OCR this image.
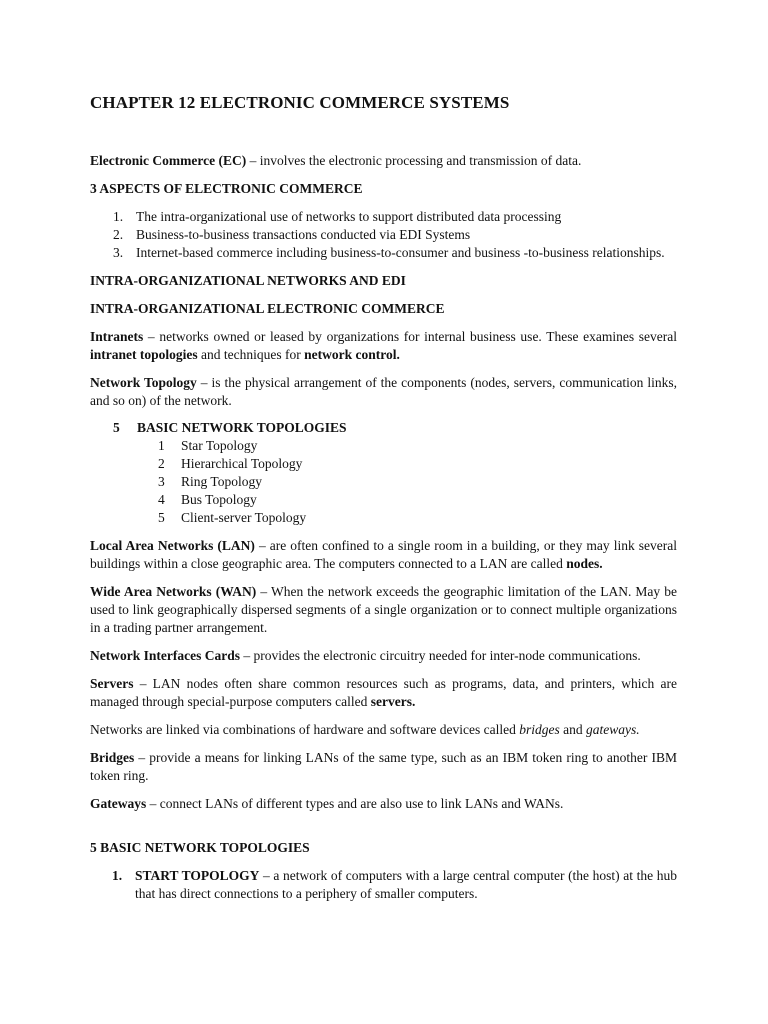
CHAPTER 12 ELECTRONIC COMMERCE SYSTEMS

Electronic Commerce (EC) – involves the electronic processing and transmission of data.

3 ASPECTS OF ELECTRONIC COMMERCE
1. The intra-organizational use of networks to support distributed data processing
2. Business-to-business transactions conducted via EDI Systems
3. Internet-based commerce including business-to-consumer and business -to-business relationships.
INTRA-ORGANIZATIONAL NETWORKS AND EDI
INTRA-ORGANIZATIONAL ELECTRONIC COMMERCE

Intranets – networks owned or leased by organizations for internal business use. These examines several intranet topologies and techniques for network control.

Network Topology – is the physical arrangement of the components (nodes, servers, communication links, and so on) of the network.

5	BASIC NETWORK TOPOLOGIES
1	Star Topology
2	Hierarchical Topology
3	Ring Topology
4	Bus Topology
5	Client-server Topology

Local Area Networks (LAN) – are often confined to a single room in a building, or they may link several buildings within a close geographic area. The computers connected to a LAN are called nodes.

Wide Area Networks (WAN) – When the network exceeds the geographic limitation of the LAN. May be used to link geographically dispersed segments of a single organization or to connect multiple organizations in a trading partner arrangement.

Network Interfaces Cards – provides the electronic circuitry needed for inter-node communications.

Servers – LAN nodes often share common resources such as programs, data, and printers, which are managed through special-purpose computers called servers.

Networks are linked via combinations of hardware and software devices called bridges and gateways.

Bridges – provide a means for linking LANs of the same type, such as an IBM token ring to another IBM token ring.

Gateways – connect LANs of different types and are also use to link LANs and WANs.

5 BASIC NETWORK TOPOLOGIES
1. START TOPOLOGY – a network of computers with a large central computer (the host) at the hub that has direct connections to a periphery of smaller computers.
